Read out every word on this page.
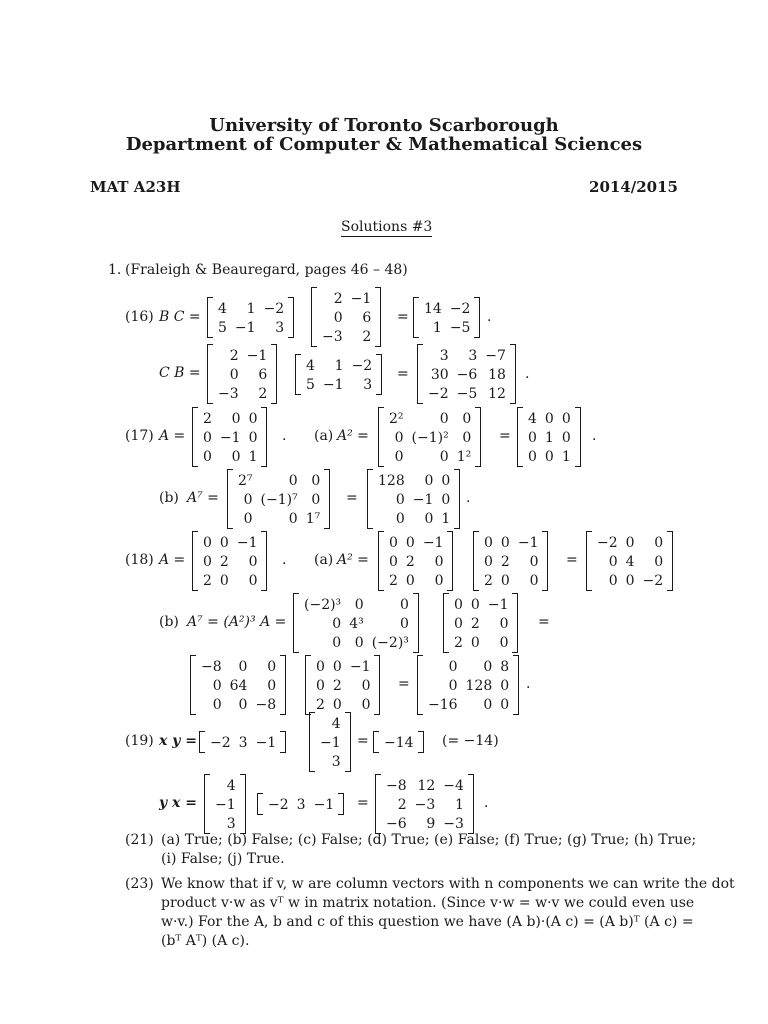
University of Toronto Scarborough
Department of Computer & Mathematical Sciences
MAT A23H	2014/2015
Solutions #3
1. (Fraleigh & Beauregard, pages 46 – 48)
(16) B C =
4	1	−2
5	−1	3
2	−1
0	6
−3	2
=
14	−2
1	−5
.
C B =
2	−1
0	6
−3	2
4	1	−2
5	−1	3
=
3	3	−7
30	−6	18
−2	−5	12
.
(17) A =
2	0	0
0	−1	0
0	0	1
. (a) A² =
2²	0	0
0	(−1)²	0
0	0	1²
=
4	0	0
0	1	0
0	0	1
.
(b) A⁷ =
2⁷	0	0
0	(−1)⁷	0
0	0	1⁷
=
128	0	0
0	−1	0
0	0	1
.
(18) A =
0	0	−1
0	2	0
2	0	0
. (a) A² =
0	0	−1
0	2	0
2	0	0
0	0	−1
0	2	0
2	0	0
=
−2	0	0
0	4	0
0	0	−2
(b) A⁷ = (A²)³ A =
(−2)³	0	0
0	4³	0
0	0	(−2)³
0	0	−1
0	2	0
2	0	0
=
−8	0	0
0	64	0
0	0	−8
0	0	−1
0	2	0
2	0	0
=
0	0	8
0	128	0
−16	0	0
.
(19) x y = −2	3	−1
4
−1
3
= −14 (= −14)
y x =
4
−1
3
−2	3	−1 =
−8	12	−4
2	−3	1
−6	9	−3
.
(21) (a) True; (b) False; (c) False; (d) True; (e) False; (f) True; (g) True; (h) True;
(i) False; (j) True.
(23) We know that if v, w are column vectors with n components we can write the dot
product v·w as vᵀ w in matrix notation. (Since v·w = w·v we could even use
w·v.) For the A, b and c of this question we have (A b)·(A c) = (A b)ᵀ (A c) =
(bᵀ Aᵀ) (A c).
